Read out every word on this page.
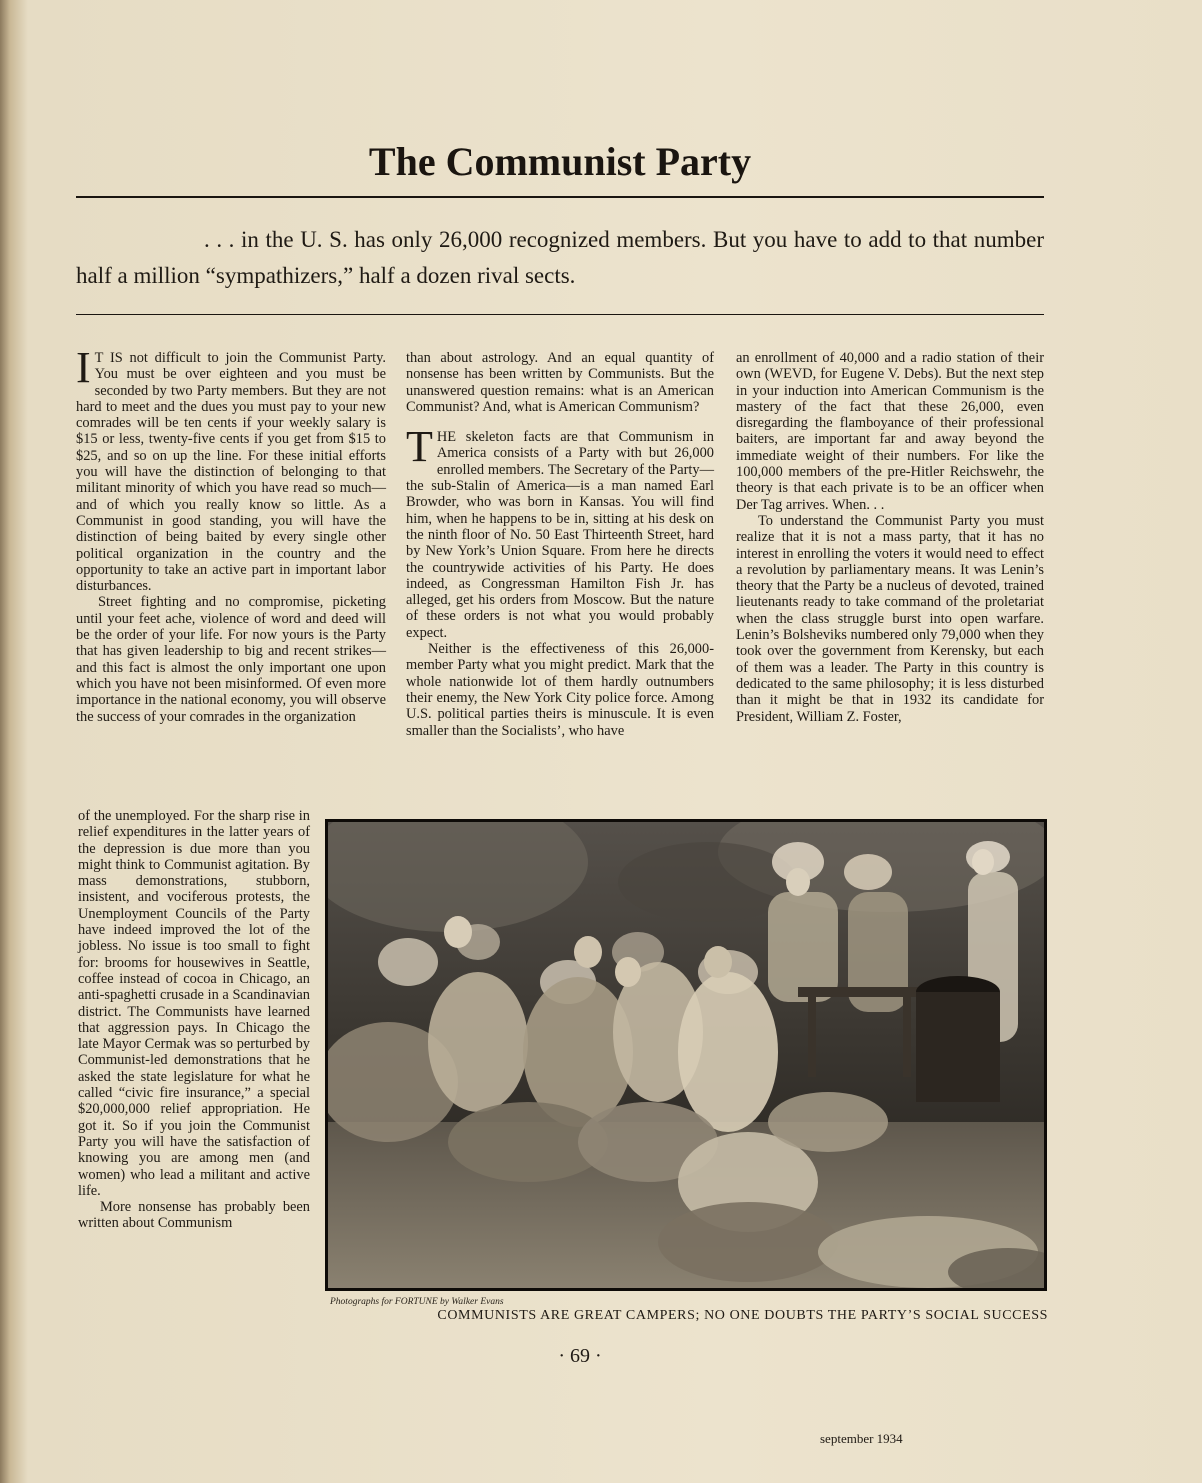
The Communist Party

. . . in the U. S. has only 26,000 recognized members. But you have to add to that number half a million “sympathizers,” half a dozen rival sects.

I T IS not difficult to join the Communist Party. You must be over eighteen and you must be seconded by two Party members. But they are not hard to meet and the dues you must pay to your new comrades will be ten cents if your weekly salary is $15 or less, twenty-five cents if you get from $15 to $25, and so on up the line. For these initial efforts you will have the distinction of belonging to that militant minority of which you have read so much—and of which you really know so little. As a Communist in good standing, you will have the distinction of being baited by every single other political organization in the country and the opportunity to take an active part in important labor disturbances.

Street fighting and no compromise, picketing until your feet ache, violence of word and deed will be the order of your life. For now yours is the Party that has given leadership to big and recent strikes—and this fact is almost the only important one upon which you have not been misinformed. Of even more importance in the national economy, you will observe the success of your comrades in the organization

of the unemployed. For the sharp rise in relief expenditures in the latter years of the depression is due more than you might think to Communist agitation. By mass demonstrations, stubborn, insistent, and vociferous protests, the Unemployment Councils of the Party have indeed improved the lot of the jobless. No issue is too small to fight for: brooms for housewives in Seattle, coffee instead of cocoa in Chicago, an anti-spaghetti crusade in a Scandinavian district. The Communists have learned that aggression pays. In Chicago the late Mayor Cermak was so perturbed by Communist-led demonstrations that he asked the state legislature for what he called “civic fire insurance,” a special $20,000,000 relief appropriation. He got it. So if you join the Communist Party you will have the satisfaction of knowing you are among men (and women) who lead a militant and active life.

More nonsense has probably been written about Communism

than about astrology. And an equal quantity of nonsense has been written by Communists. But the unanswered question remains: what is an American Communist? And, what is American Communism?

THE skeleton facts are that Communism in America consists of a Party with but 26,000 enrolled members. The Secretary of the Party—the sub-Stalin of America—is a man named Earl Browder, who was born in Kansas. You will find him, when he happens to be in, sitting at his desk on the ninth floor of No. 50 East Thirteenth Street, hard by New York’s Union Square. From here he directs the countrywide activities of his Party. He does indeed, as Congressman Hamilton Fish Jr. has alleged, get his orders from Moscow. But the nature of these orders is not what you would probably expect.

Neither is the effectiveness of this 26,000-member Party what you might predict. Mark that the whole nationwide lot of them hardly outnumbers their enemy, the New York City police force. Among U.S. political parties theirs is minuscule. It is even smaller than the Socialists’, who have

an enrollment of 40,000 and a radio station of their own (WEVD, for Eugene V. Debs). But the next step in your induction into American Communism is the mastery of the fact that these 26,000, even disregarding the flamboyance of their professional baiters, are important far and away beyond the immediate weight of their numbers. For like the 100,000 members of the pre-Hitler Reichswehr, the theory is that each private is to be an officer when Der Tag arrives. When. . .

To understand the Communist Party you must realize that it is not a mass party, that it has no interest in enrolling the voters it would need to effect a revolution by parliamentary means. It was Lenin’s theory that the Party be a nucleus of devoted, trained lieutenants ready to take command of the proletariat when the class struggle burst into open warfare. Lenin’s Bolsheviks numbered only 79,000 when they took over the government from Kerensky, but each of them was a leader. The Party in this country is dedicated to the same philosophy; it is less disturbed than it might be that in 1932 its candidate for President, William Z. Foster,

Photographs for FORTUNE by Walker Evans
COMMUNISTS ARE GREAT CAMPERS; NO ONE DOUBTS THE PARTY’S SOCIAL SUCCESS
· 69 ·
september 1934
